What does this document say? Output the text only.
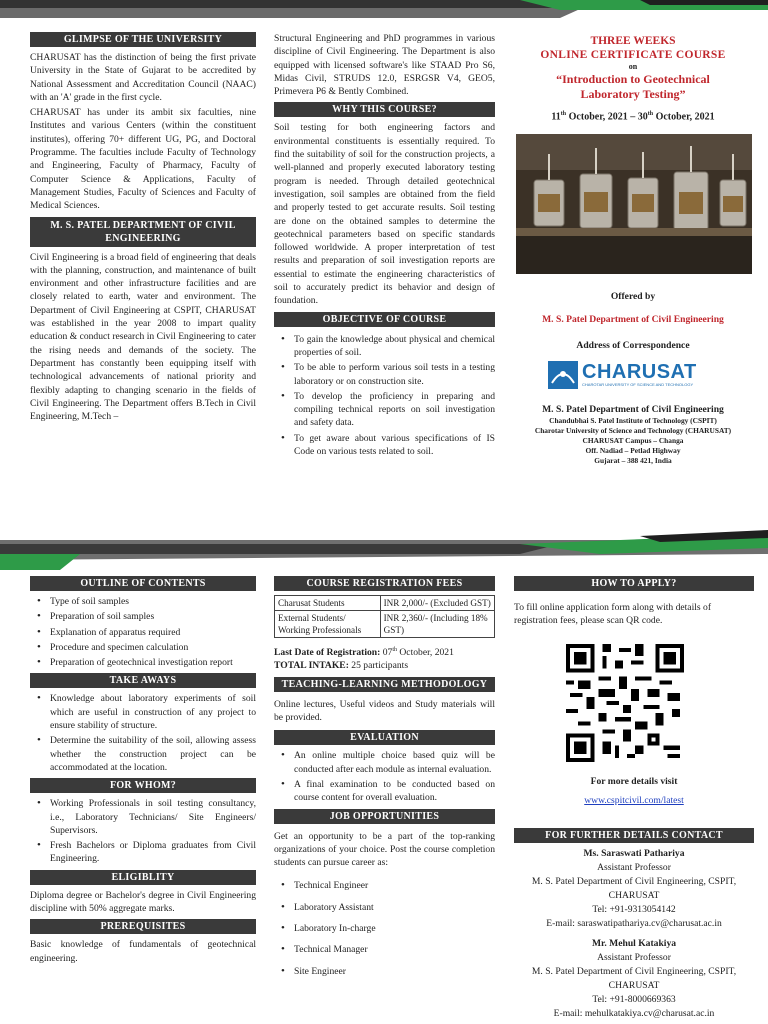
GLIMPSE OF THE UNIVERSITY

CHARUSAT has the distinction of being the first private University in the State of Gujarat to be accredited by National Assessment and Accreditation Council (NAAC) with an 'A' grade in the first cycle.

CHARUSAT has under its ambit six faculties, nine Institutes and various Centers (within the constituent institutes), offering 70+ different UG, PG, and Doctoral Programme. The faculties include Faculty of Technology and Engineering, Faculty of Pharmacy, Faculty of Computer Science & Applications, Faculty of Management Studies, Faculty of Sciences and Faculty of Medical Sciences.

M. S. PATEL DEPARTMENT OF CIVIL ENGINEERING

Civil Engineering is a broad field of engineering that deals with the planning, construction, and maintenance of built environment and other infrastructure facilities and are closely related to earth, water and environment. The Department of Civil Engineering at CSPIT, CHARUSAT was established in the year 2008 to impart quality education & conduct research in Civil Engineering to cater the rising needs and demands of the society. The Department has constantly been equipping itself with technological advancements of national priority and flexibly adapting to changing scenario in the fields of Civil Engineering. The Department offers B.Tech in Civil Engineering, M.Tech –

Structural Engineering and PhD programmes in various discipline of Civil Engineering. The Department is also equipped with licensed software's like STAAD Pro S6, Midas Civil, STRUDS 12.0, ESRGSR V4, GEO5, Primevera P6 & Bently Combined.

WHY THIS COURSE?

Soil testing for both engineering factors and environmental constituents is essentially required. To find the suitability of soil for the construction projects, a well-planned and properly executed laboratory testing program is needed. Through detailed geotechnical investigation, soil samples are obtained from the field and properly tested to get accurate results. Soil testing are done on the obtained samples to determine the geotechnical parameters based on specific standards followed worldwide. A proper interpretation of test results and preparation of soil investigation reports are essential to estimate the engineering characteristics of soil to accurately predict its behavior and design of foundation.

OBJECTIVE OF COURSE
• To gain the knowledge about physical and chemical properties of soil.
• To be able to perform various soil tests in a testing laboratory or on construction site.
• To develop the proficiency in preparing and compiling technical reports on soil investigation and safety data.
• To get aware about various specifications of IS Code on various tests related to soil.
THREE WEEKS
ONLINE CERTIFICATE COURSE
on
“Introduction to Geotechnical Laboratory Testing”
11th October, 2021 – 30th October, 2021
Offered by
M. S. Patel Department of Civil Engineering
Address of Correspondence
CHARUSAT
CHAROTAR UNIVERSITY OF SCIENCE AND TECHNOLOGY
M. S. Patel Department of Civil Engineering
Chandubhai S. Patel Institute of Technology (CSPIT)
Charotar University of Science and Technology (CHARUSAT)
CHARUSAT Campus – Changa
Off. Nadiad – Petlad Highway
Gujarat – 388 421, India
OUTLINE OF CONTENTS
• Type of soil samples
• Preparation of soil samples
• Explanation of apparatus required
• Procedure and specimen calculation
• Preparation of geotechnical investigation report
TAKE AWAYS
• Knowledge about laboratory experiments of soil which are useful in construction of any project to ensure stability of structure.
• Determine the suitability of the soil, allowing assess whether the construction project can be accommodated at the location.
FOR WHOM?
• Working Professionals in soil testing consultancy, i.e., Laboratory Technicians/ Site Engineers/ Supervisors.
• Fresh Bachelors or Diploma graduates from Civil Engineering.
ELIGIBLITY

Diploma degree or Bachelor's degree in Civil Engineering discipline with 50% aggregate marks.

PREREQUISITES

Basic knowledge of fundamentals of geotechnical engineering.

COURSE REGISTRATION FEES
Charusat Students	INR 2,000/- (Excluded GST)
External Students/ Working Professionals	INR 2,360/- (Including 18% GST)
Last Date of Registration: 07th October, 2021
TOTAL INTAKE: 25 participants
TEACHING-LEARNING METHODOLOGY

Online lectures, Useful videos and Study materials will be provided.

EVALUATION
• An online multiple choice based quiz will be conducted after each module as internal evaluation.
• A final examination to be conducted based on course content for overall evaluation.
JOB OPPORTUNITIES

Get an opportunity to be a part of the top-ranking organizations of your choice. Post the course completion students can pursue career as:

• Technical Engineer
• Laboratory Assistant
• Laboratory In-charge
• Technical Manager
• Site Engineer
HOW TO APPLY?

To fill online application form along with details of registration fees, please scan QR code.

For more details visit
www.cspitcivil.com/latest
FOR FURTHER DETAILS CONTACT
Ms. Saraswati Pathariya
Assistant Professor
M. S. Patel Department of Civil Engineering, CSPIT, CHARUSAT
Tel: +91-9313054142
E-mail: saraswatipathariya.cv@charusat.ac.in
Mr. Mehul Katakiya
Assistant Professor
M. S. Patel Department of Civil Engineering, CSPIT, CHARUSAT
Tel: +91-8000669363
E-mail: mehulkatakiya.cv@charusat.ac.in
